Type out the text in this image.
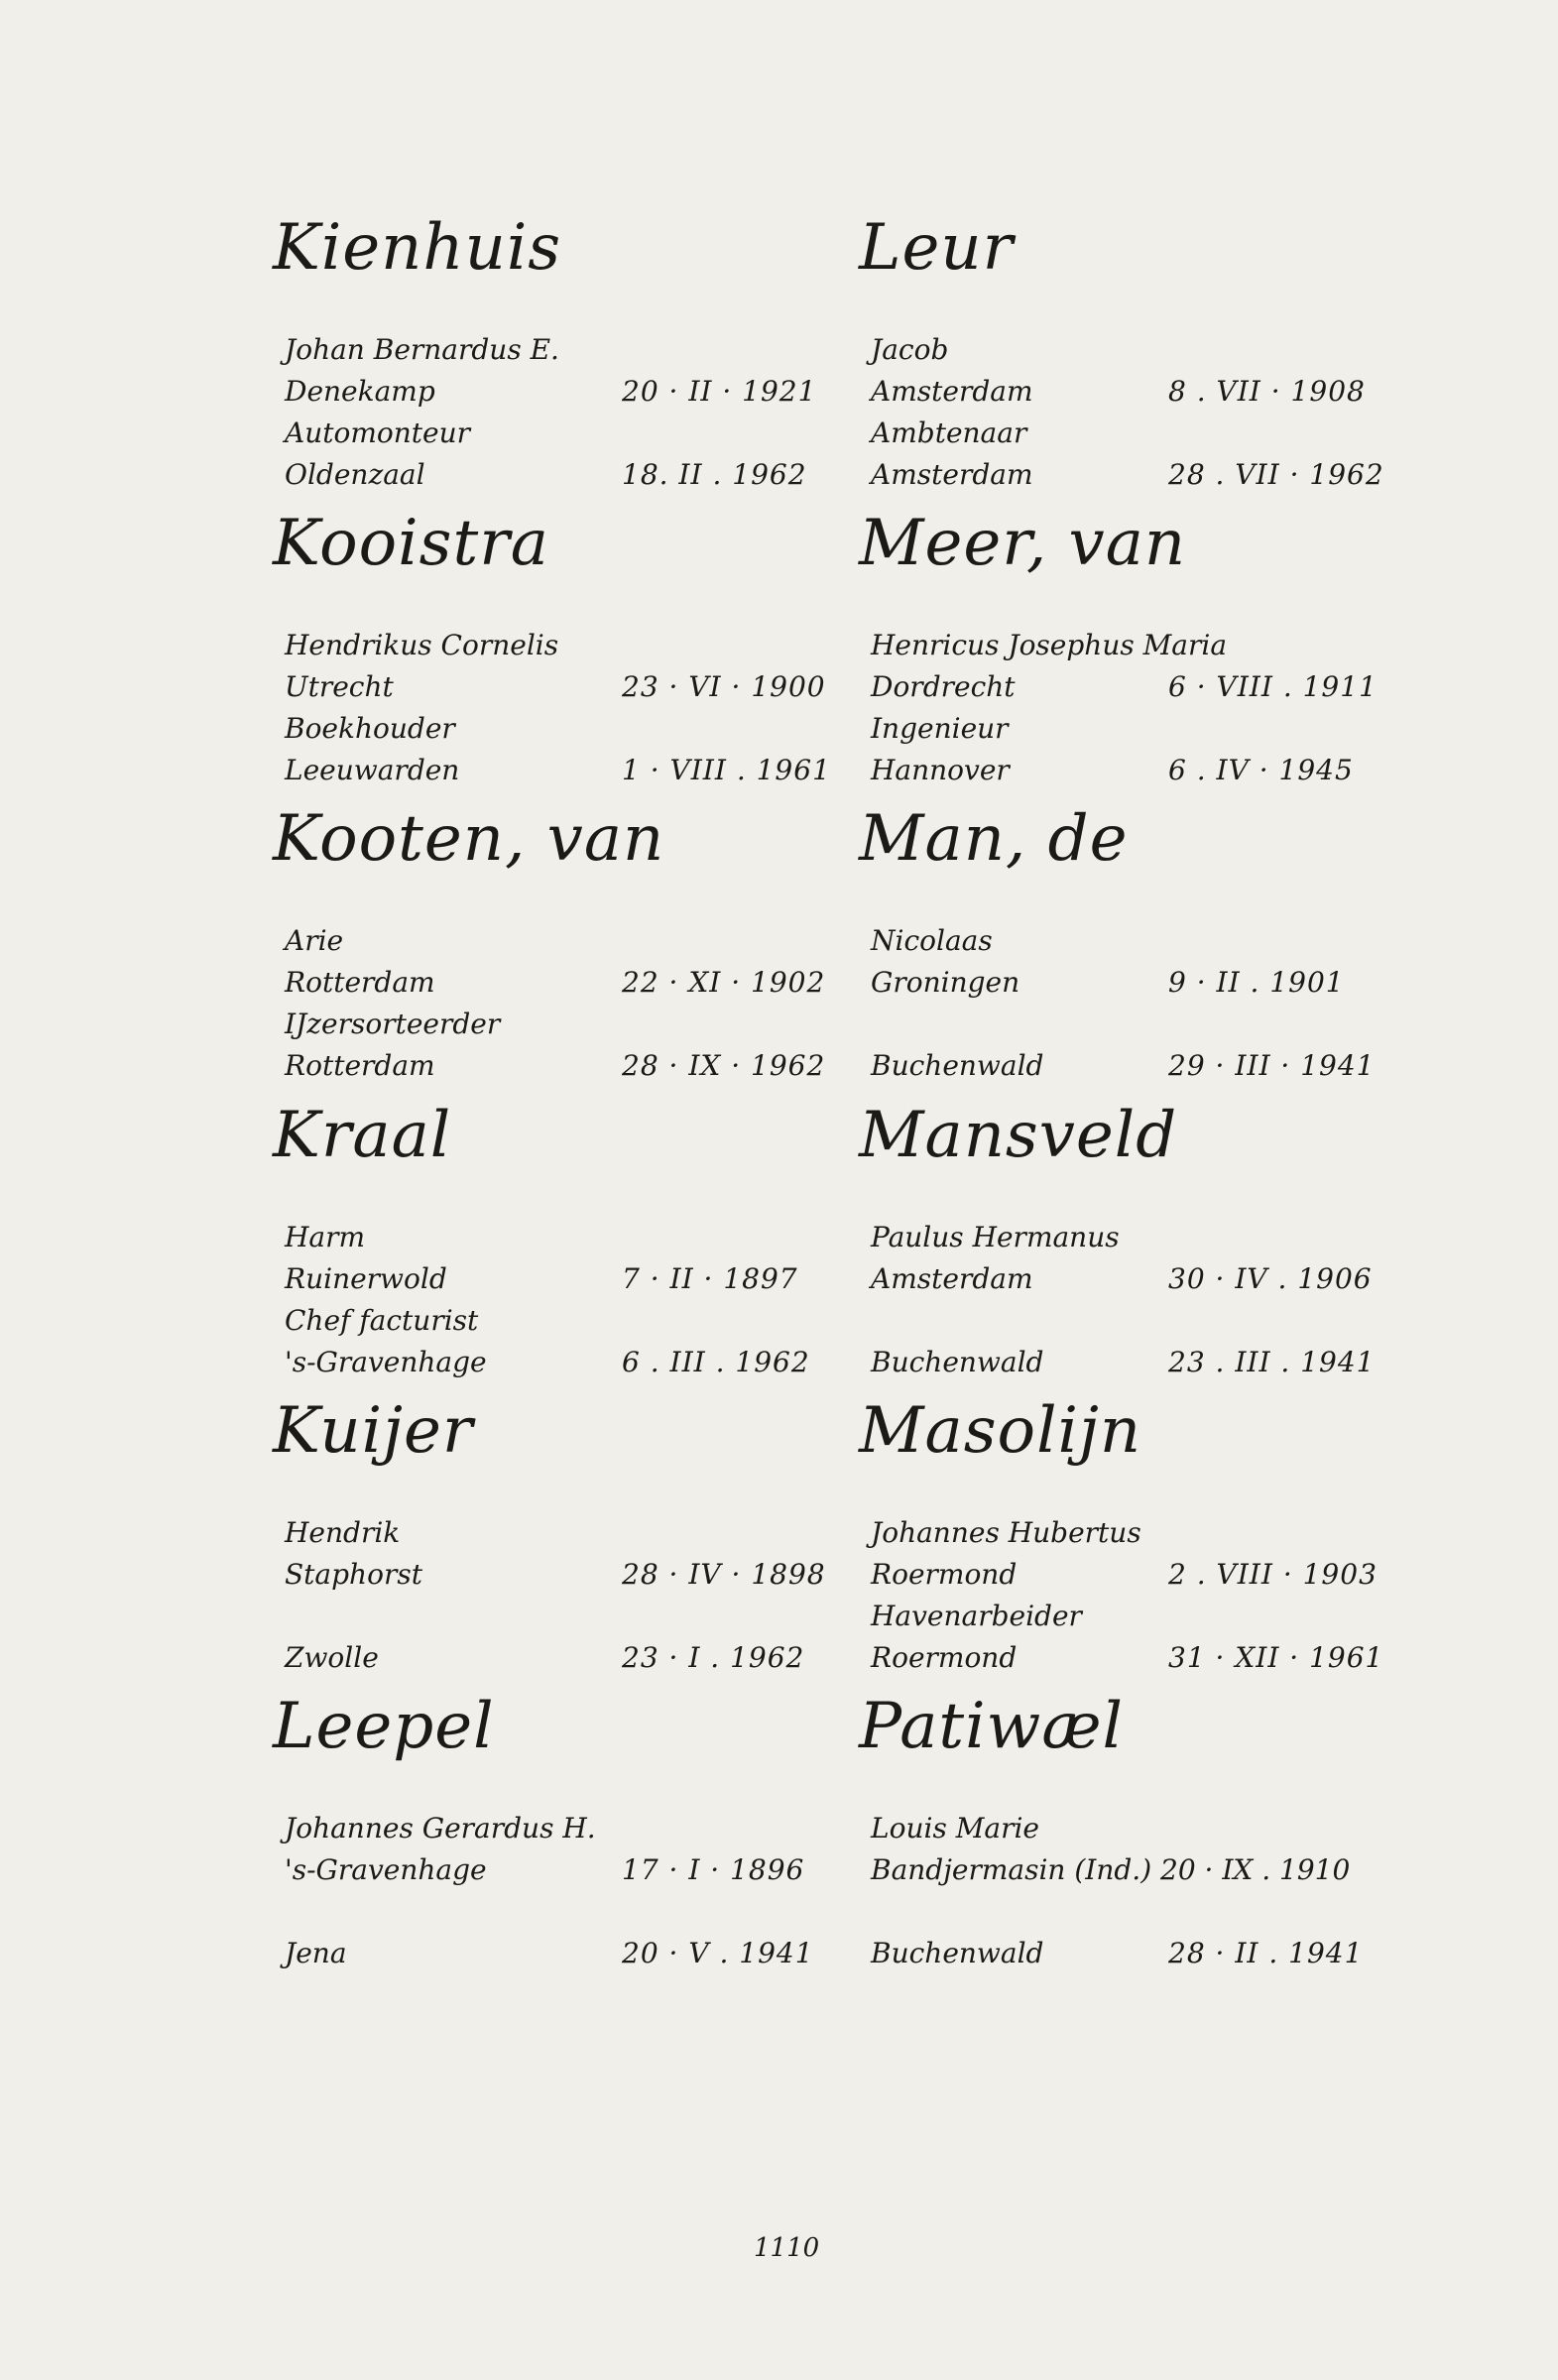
Kienhuis
Johan Bernardus E.
Denekamp	20 · II · 1921
Automonteur
Oldenzaal	18. II . 1962
Kooistra
Hendrikus Cornelis
Utrecht	23 · VI · 1900
Boekhouder
Leeuwarden	1 · VIII . 1961
Kooten, van
Arie
Rotterdam	22 · XI · 1902
IJzersorteerder
Rotterdam	28 · IX · 1962
Kraal
Harm
Ruinerwold	7 · II · 1897
Chef facturist
's-Gravenhage	6 . III . 1962
Kuijer
Hendrik
Staphorst	28 · IV · 1898
Zwolle	23 · I . 1962
Leepel
Johannes Gerardus H.
's-Gravenhage	17 · I · 1896
Jena	20 · V . 1941
Leur
Jacob
Amsterdam	8 . VII · 1908
Ambtenaar
Amsterdam	28 . VII · 1962
Meer, van
Henricus Josephus Maria
Dordrecht	6 · VIII . 1911
Ingenieur
Hannover	6 . IV · 1945
Man, de
Nicolaas
Groningen	9 · II . 1901
Buchenwald	29 · III · 1941
Mansveld
Paulus Hermanus
Amsterdam	30 · IV . 1906
Buchenwald	23 . III . 1941
Masolijn
Johannes Hubertus
Roermond	2 . VIII · 1903
Havenarbeider
Roermond	31 · XII · 1961
Patiwæl
Louis Marie
Bandjermasin (Ind.) 20 · IX . 1910
Buchenwald	28 · II . 1941
1110
